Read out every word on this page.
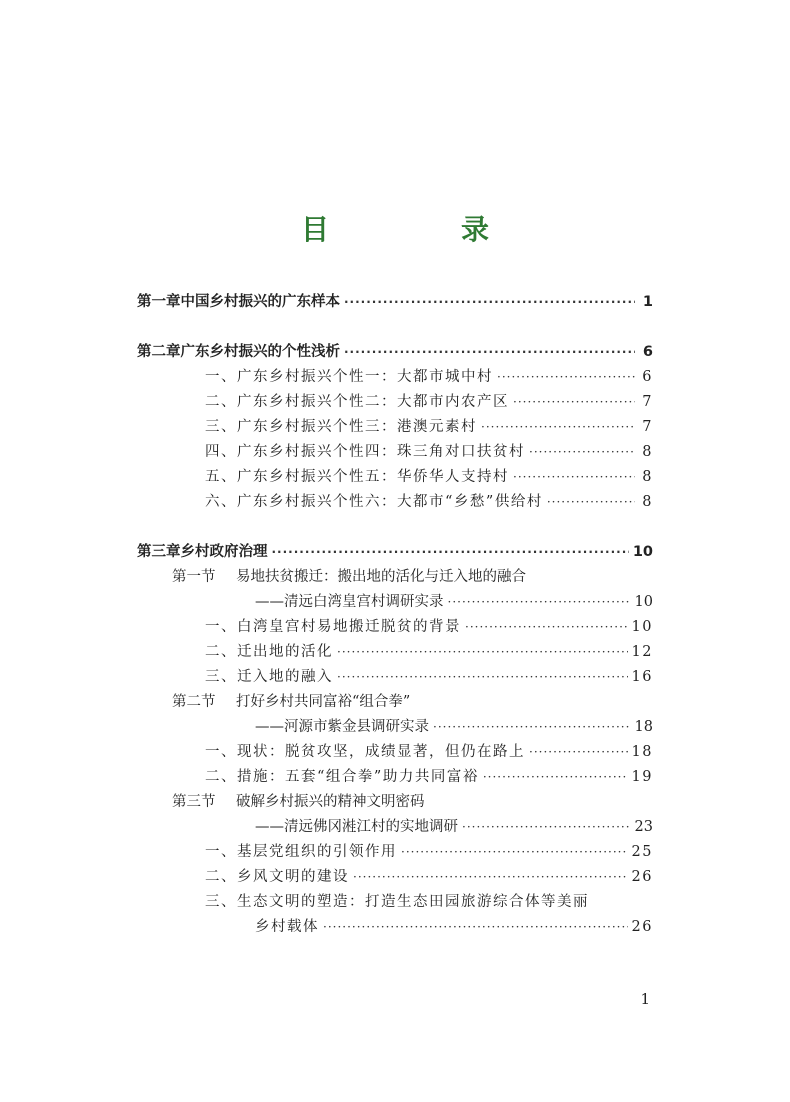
目　录
第一章 中国乡村振兴的广东样本 ·····	1
第二章 广东乡村振兴的个性浅析 ·····	6
一、广东乡村振兴个性一：大都市城中村 ·····	6
二、广东乡村振兴个性二：大都市内农产区 ·····	7
三、广东乡村振兴个性三：港澳元素村 ·····	7
四、广东乡村振兴个性四：珠三角对口扶贫村 ·····	8
五、广东乡村振兴个性五：华侨华人支持村 ·····	8
六、广东乡村振兴个性六：大都市“乡愁”供给村 ·····	8
第三章 乡村政府治理 ·····	10
第一节	易地扶贫搬迁：搬出地的活化与迁入地的融合
——清远白湾皇宫村调研实录 ·····	10
一、白湾皇宫村易地搬迁脱贫的背景 ·····	10
二、迁出地的活化 ·····	12
三、迁入地的融入 ·····	16
第二节	打好乡村共同富裕“组合拳”
——河源市紫金县调研实录 ·····	18
一、现状：脱贫攻坚，成绩显著，但仍在路上 ·····	18
二、措施：五套“组合拳”助力共同富裕 ·····	19
第三节	破解乡村振兴的精神文明密码
——清远佛冈溎江村的实地调研 ·····	23
一、基层党组织的引领作用 ·····	25
二、乡风文明的建设 ·····	26
三、生态文明的塑造：打造生态田园旅游综合体等美丽
乡村载体 ·····	26
1
